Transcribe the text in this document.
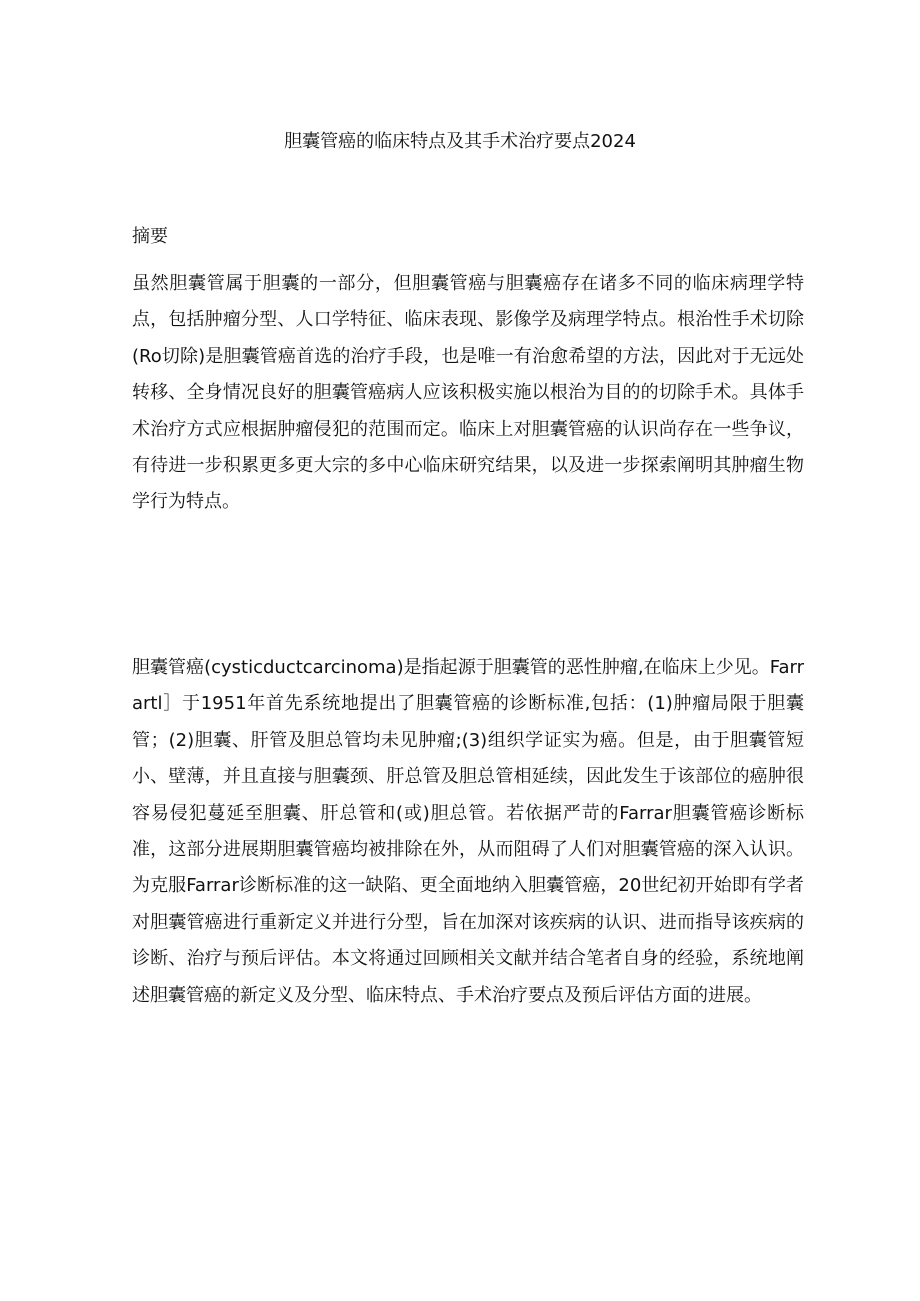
胆囊管癌的临床特点及其手术治疗要点2024
摘要

虽然胆囊管属于胆囊的一部分，但胆囊管癌与胆囊癌存在诸多不同的临床病理学特点，包括肿瘤分型、人口学特征、临床表现、影像学及病理学特点。根治性手术切除(Ro切除)是胆囊管癌首选的治疗手段，也是唯一有治愈希望的方法，因此对于无远处转移、全身情况良好的胆囊管癌病人应该积极实施以根治为目的的切除手术。具体手术治疗方式应根据肿瘤侵犯的范围而定。临床上对胆囊管癌的认识尚存在一些争议，有待进一步积累更多更大宗的多中心临床研究结果，以及进一步探索阐明其肿瘤生物学行为特点。

胆囊管癌(cysticductcarcinoma)是指起源于胆囊管的恶性肿瘤,在临床上少见。Farrartl］于1951年首先系统地提出了胆囊管癌的诊断标准,包括：(1)肿瘤局限于胆囊管；(2)胆囊、肝管及胆总管均未见肿瘤;(3)组织学证实为癌。但是，由于胆囊管短小、壁薄，并且直接与胆囊颈、肝总管及胆总管相延续，因此发生于该部位的癌肿很容易侵犯蔓延至胆囊、肝总管和(或)胆总管。若依据严苛的Farrar胆囊管癌诊断标准，这部分进展期胆囊管癌均被排除在外，从而阻碍了人们对胆囊管癌的深入认识。为克服Farrar诊断标准的这一缺陷、更全面地纳入胆囊管癌，20世纪初开始即有学者对胆囊管癌进行重新定义并进行分型，旨在加深对该疾病的认识、进而指导该疾病的诊断、治疗与预后评估。本文将通过回顾相关文献并结合笔者自身的经验，系统地阐述胆囊管癌的新定义及分型、临床特点、手术治疗要点及预后评估方面的进展。
